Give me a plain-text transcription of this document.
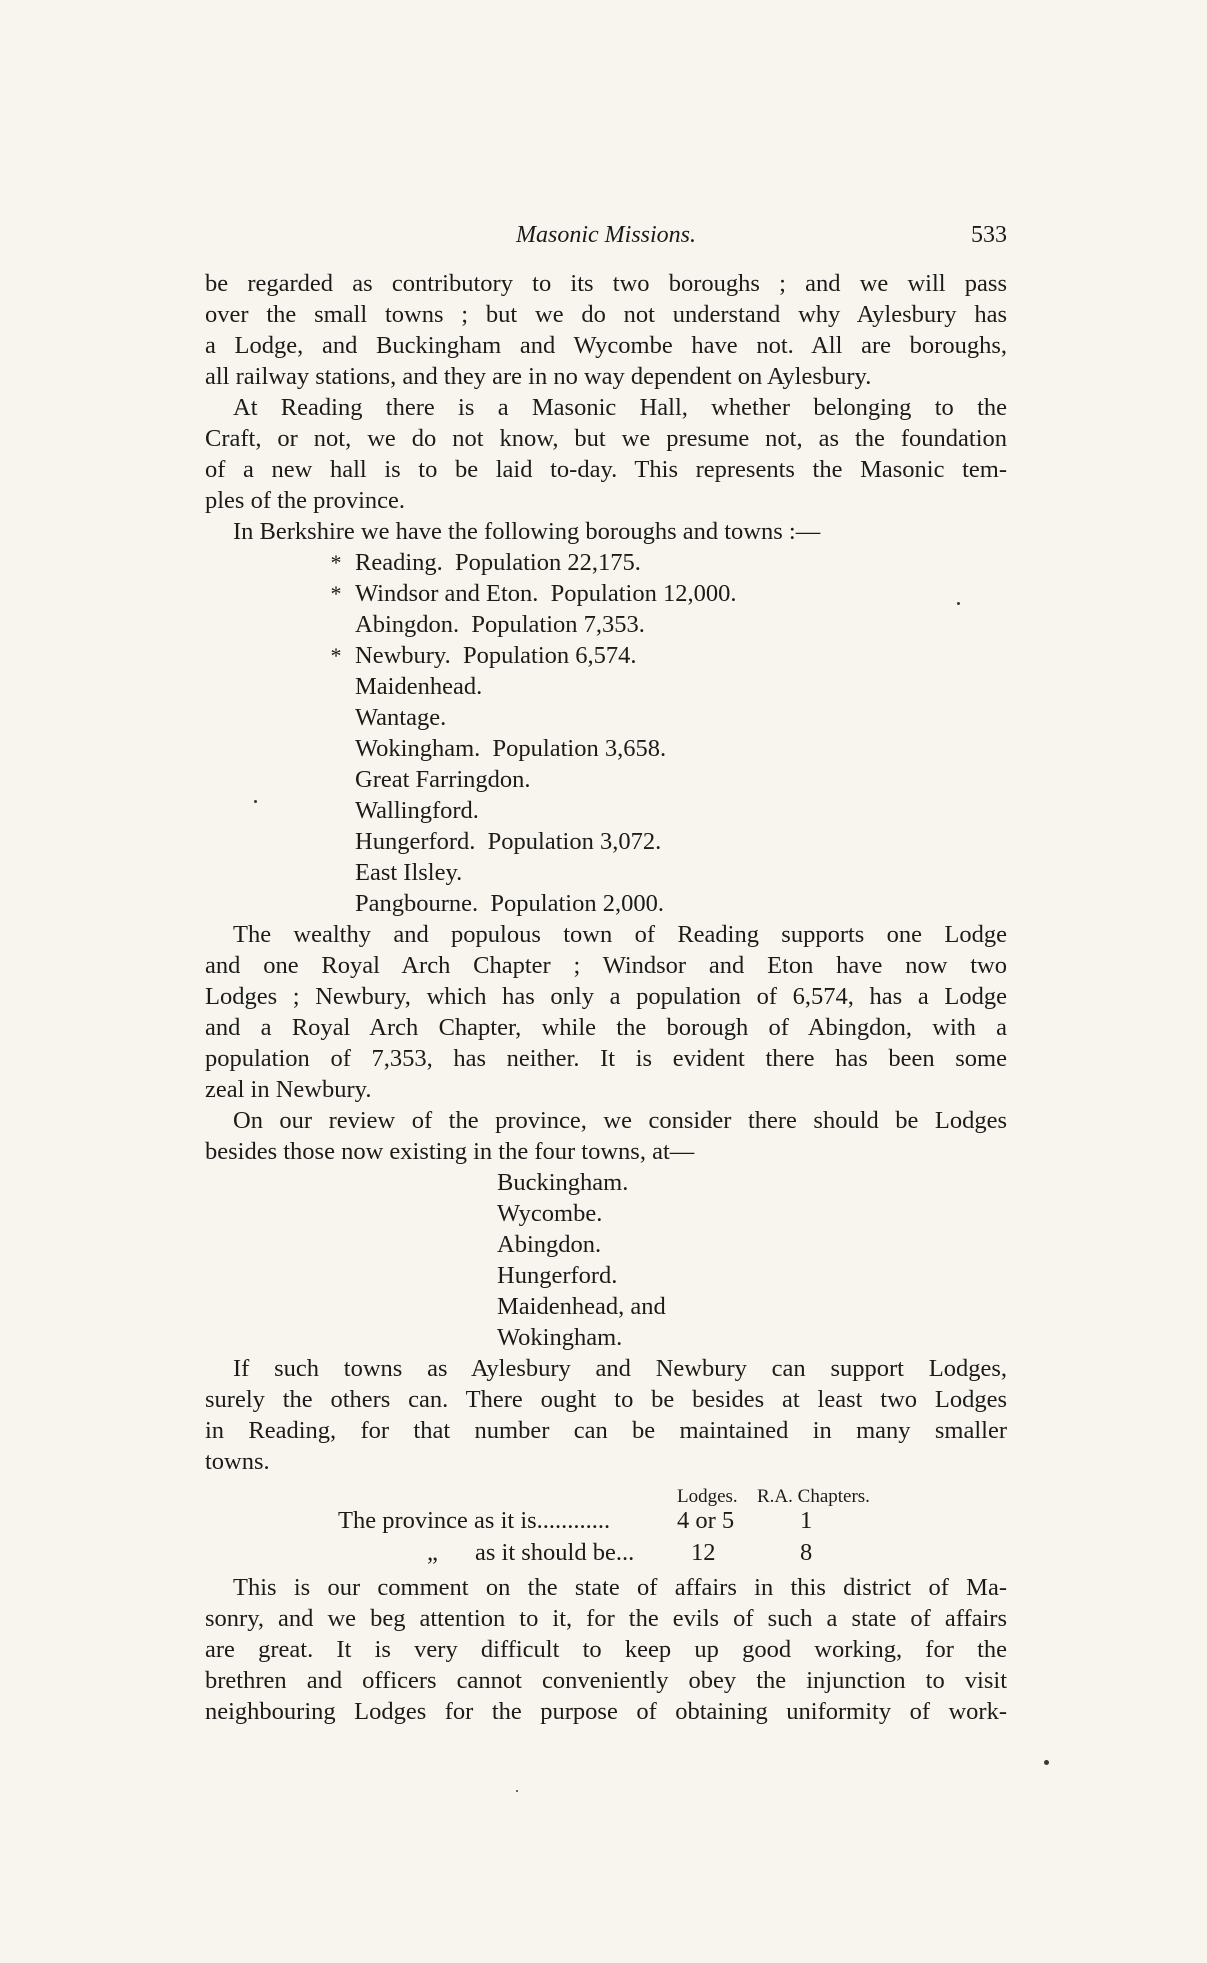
Masonic Missions.	533

be regarded as contributory to its two boroughs ; and we will pass
over the small towns ; but we do not understand why Aylesbury has
a Lodge, and Buckingham and Wycombe have not. All are boroughs,
all railway stations, and they are in no way dependent on Aylesbury.

At Reading there is a Masonic Hall, whether belonging to the
Craft, or not, we do not know, but we presume not, as the foundation
of a new hall is to be laid to-day. This represents the Masonic tem-
ples of the province.

In Berkshire we have the following boroughs and towns :—

* Reading. Population 22,175.
* Windsor and Eton. Population 12,000.
Abingdon. Population 7,353.
* Newbury. Population 6,574.
Maidenhead.
Wantage.
Wokingham. Population 3,658.
Great Farringdon.
Wallingford.
Hungerford. Population 3,072.
East Ilsley.
Pangbourne. Population 2,000.

The wealthy and populous town of Reading supports one Lodge
and one Royal Arch Chapter ; Windsor and Eton have now two
Lodges ; Newbury, which has only a population of 6,574, has a Lodge
and a Royal Arch Chapter, while the borough of Abingdon, with a
population of 7,353, has neither. It is evident there has been some
zeal in Newbury.

On our review of the province, we consider there should be Lodges
besides those now existing in the four towns, at—

Buckingham.
Wycombe.
Abingdon.
Hungerford.
Maidenhead, and
Wokingham.

If such towns as Aylesbury and Newbury can support Lodges,
surely the others can. There ought to be besides at least two Lodges
in Reading, for that number can be maintained in many smaller
towns.

Lodges. R.A. Chapters.
The province as it is............	4 or 5	1
„ as it should be... 12	8

This is our comment on the state of affairs in this district of Ma-
sonry, and we beg attention to it, for the evils of such a state of affairs
are great. It is very difficult to keep up good working, for the
brethren and officers cannot conveniently obey the injunction to visit
neighbouring Lodges for the purpose of obtaining uniformity of work-
